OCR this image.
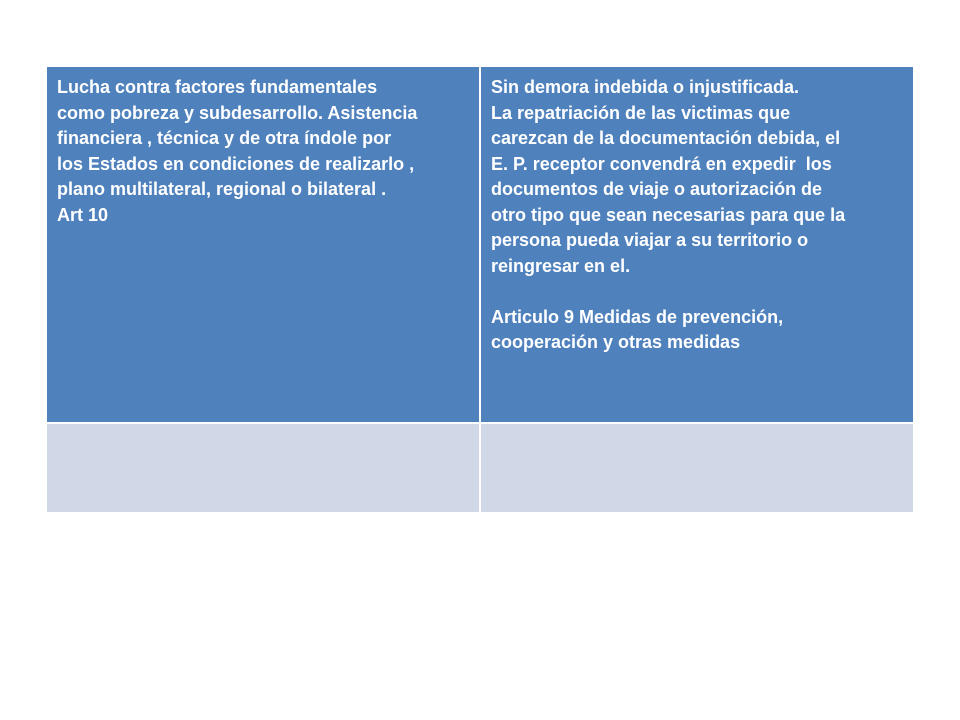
Lucha contra factores fundamentales
como pobreza y subdesarrollo. Asistencia
financiera , técnica y de otra índole por
los Estados en condiciones de realizarlo ,
plano multilateral, regional o bilateral .
Art 10
Sin demora indebida o injustificada.
La repatriación de las victimas que
carezcan de la documentación debida, el
E. P. receptor convendrá en expedir  los
documentos de viaje o autorización de
otro tipo que sean necesarias para que la
persona pueda viajar a su territorio o
reingresar en el.
Articulo 9 Medidas de prevención,
cooperación y otras medidas
